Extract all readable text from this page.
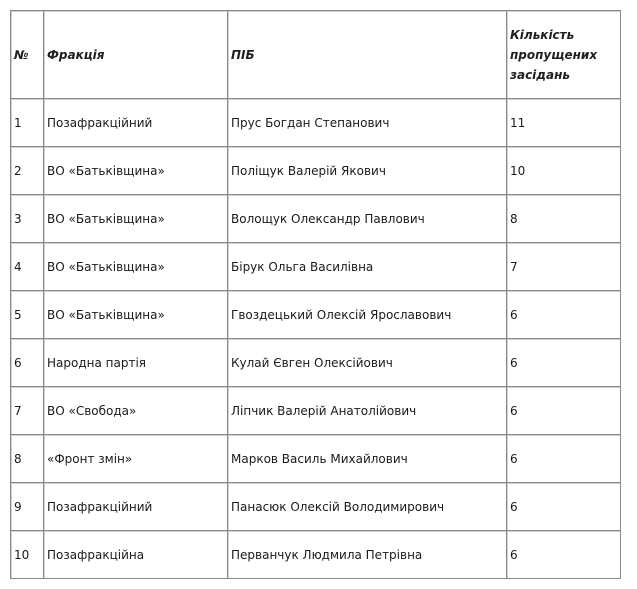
№	Фракція	ПІБ	Кількість пропущених засідань
1	Позафракційний	Прус Богдан Степанович	11
2	ВО «Батьківщина»	Поліщук Валерій Якович	10
3	ВО «Батьківщина»	Волощук Олександр Павлович	8
4	ВО «Батьківщина»	Бірук Ольга Василівна	7
5	ВО «Батьківщина»	Гвоздецький Олексій Ярославович	6
6	Народна партія	Кулай Євген Олексійович	6
7	ВО «Свобода»	Ліпчик Валерій Анатолійович	6
8	«Фронт змін»	Марков Василь Михайлович	6
9	Позафракційний	Панасюк Олексій Володимирович	6
10	Позафракційна	Перванчук Людмила Петрівна	6
